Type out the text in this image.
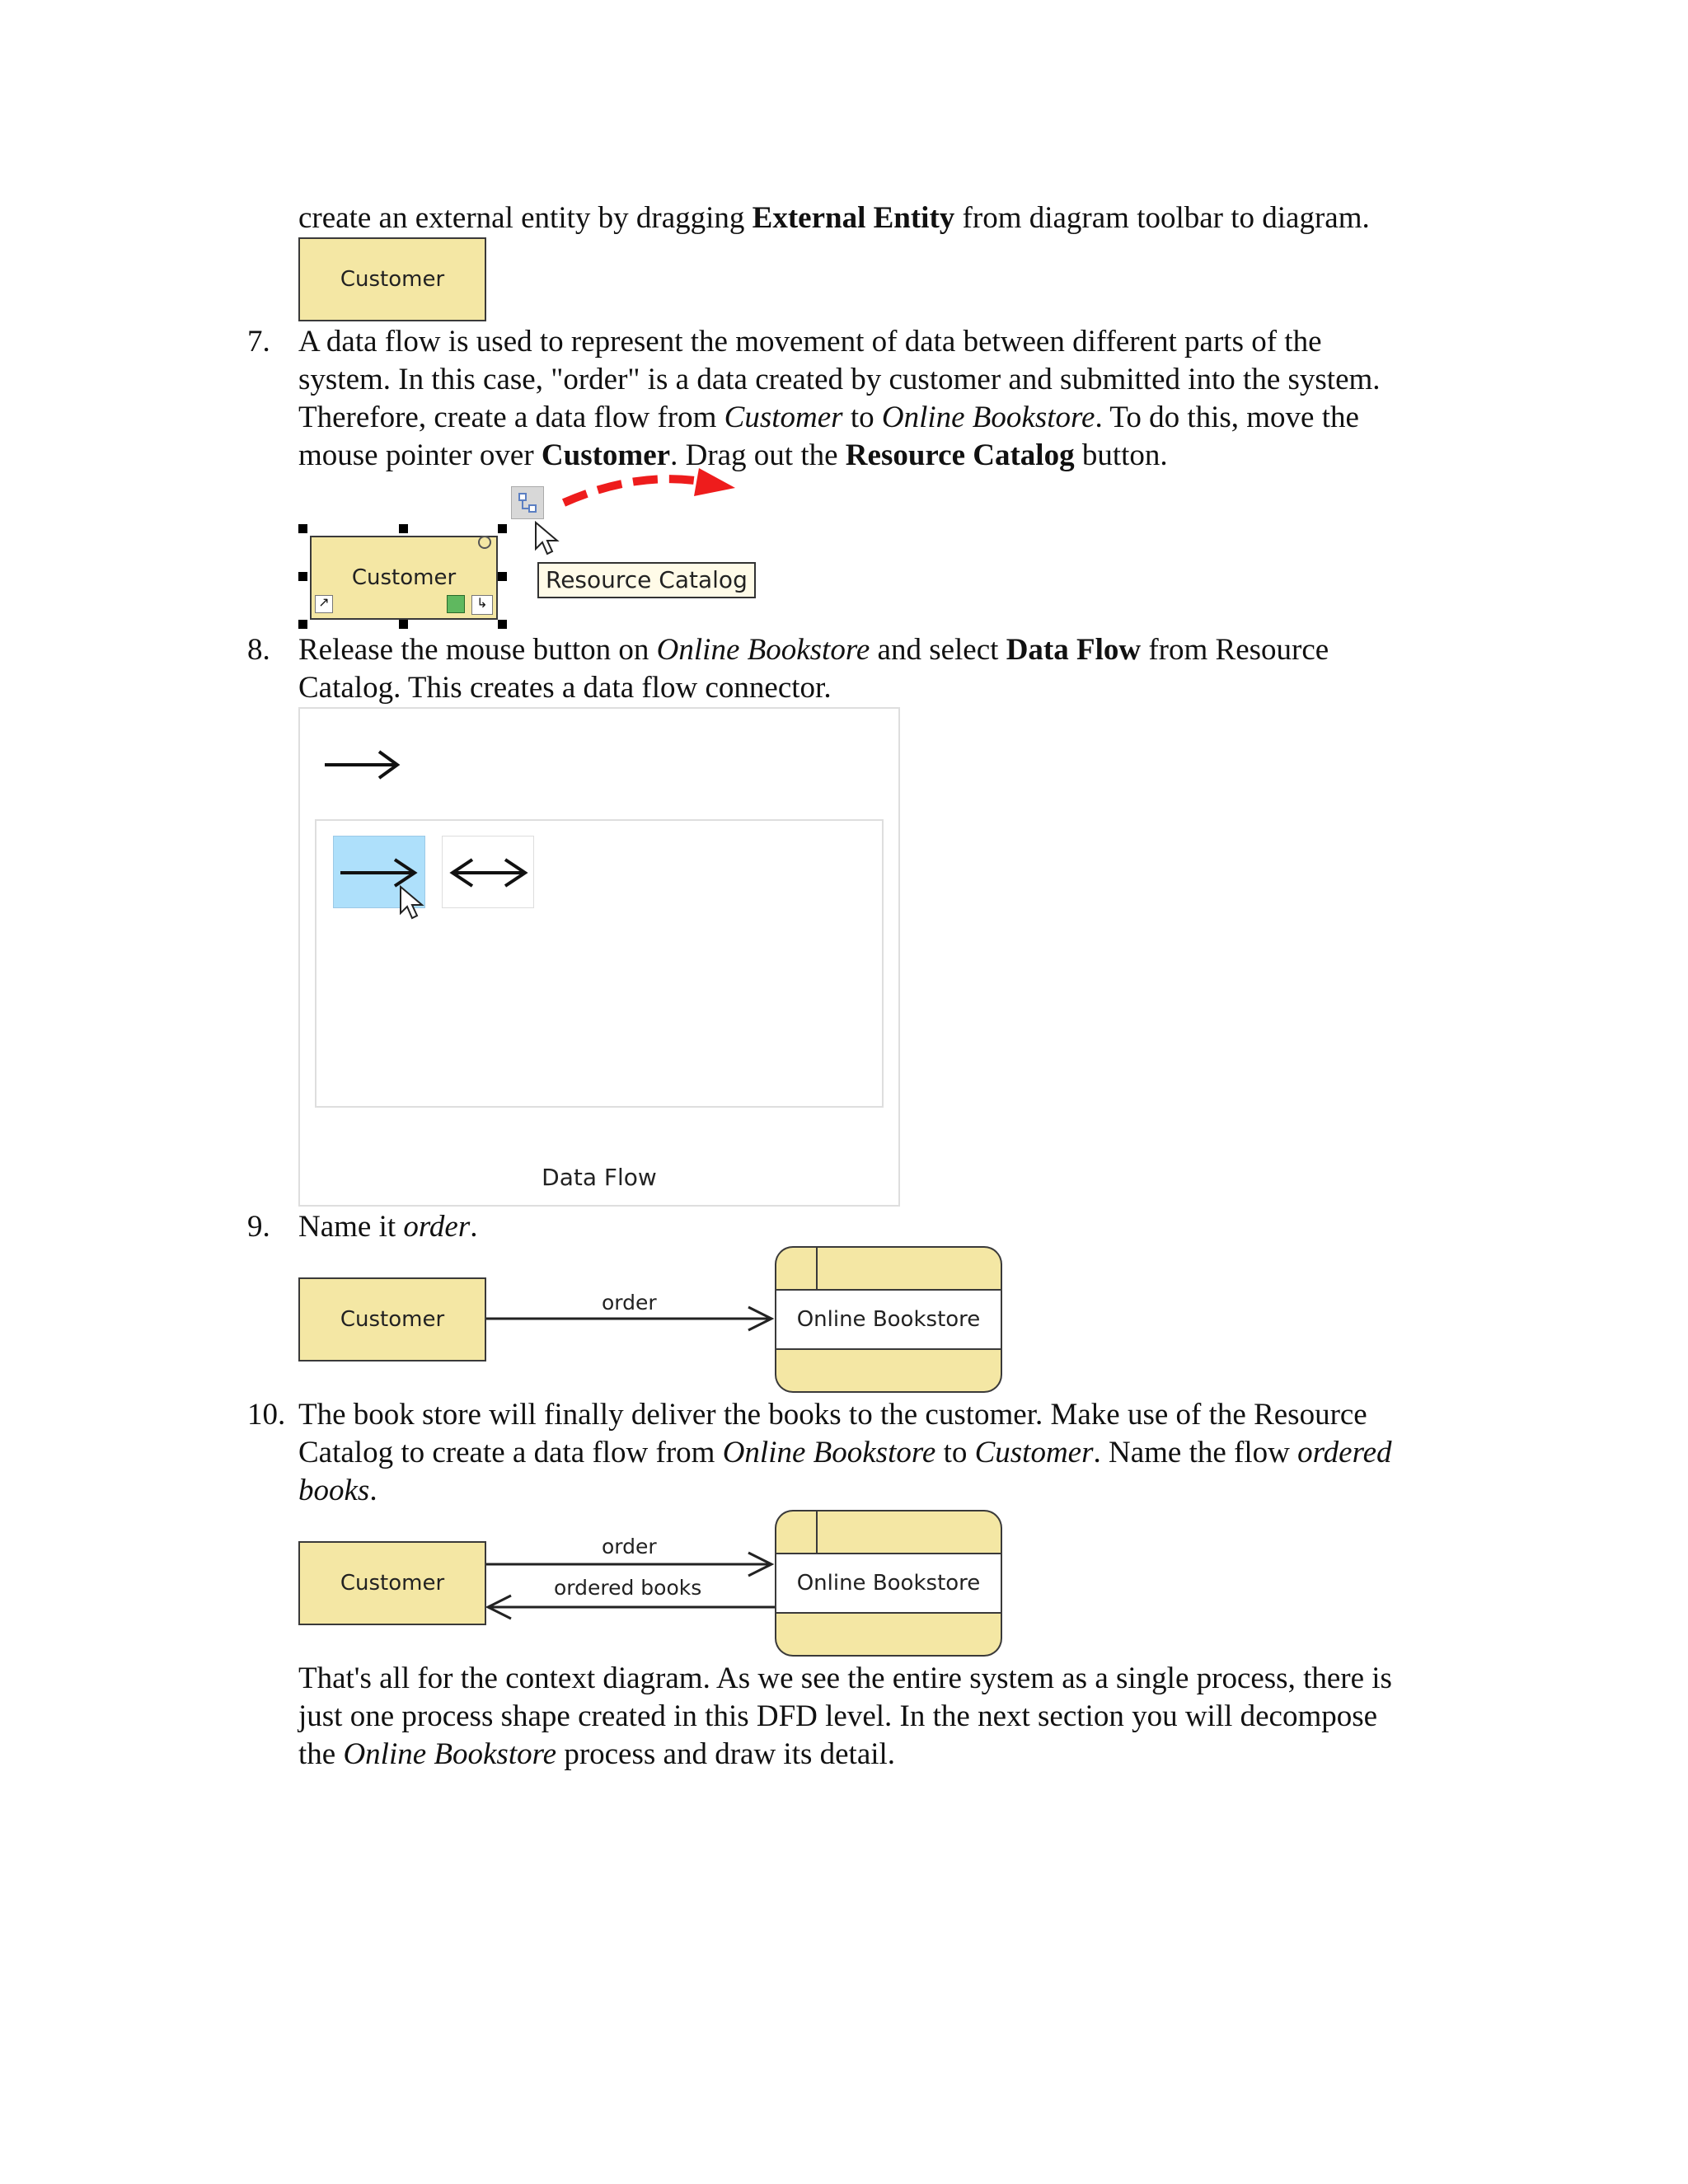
create an external entity by dragging External Entity from diagram toolbar to diagram.
Customer
7. A data flow is used to represent the movement of data between different parts of the
system. In this case, "order" is a data created by customer and submitted into the system.
Therefore, create a data flow from Customer to Online Bookstore. To do this, move the
mouse pointer over Customer. Drag out the Resource Catalog button.
Customer
↗	↳
Resource Catalog
8. Release the mouse button on Online Bookstore and select Data Flow from Resource
Catalog. This creates a data flow connector.
Data Flow
9. Name it order.
Customer
order
Online Bookstore
10. The book store will finally deliver the books to the customer. Make use of the Resource
Catalog to create a data flow from Online Bookstore to Customer. Name the flow ordered
books.
Customer
order
ordered books	Online Bookstore
That's all for the context diagram. As we see the entire system as a single process, there is
just one process shape created in this DFD level. In the next section you will decompose
the Online Bookstore process and draw its detail.
